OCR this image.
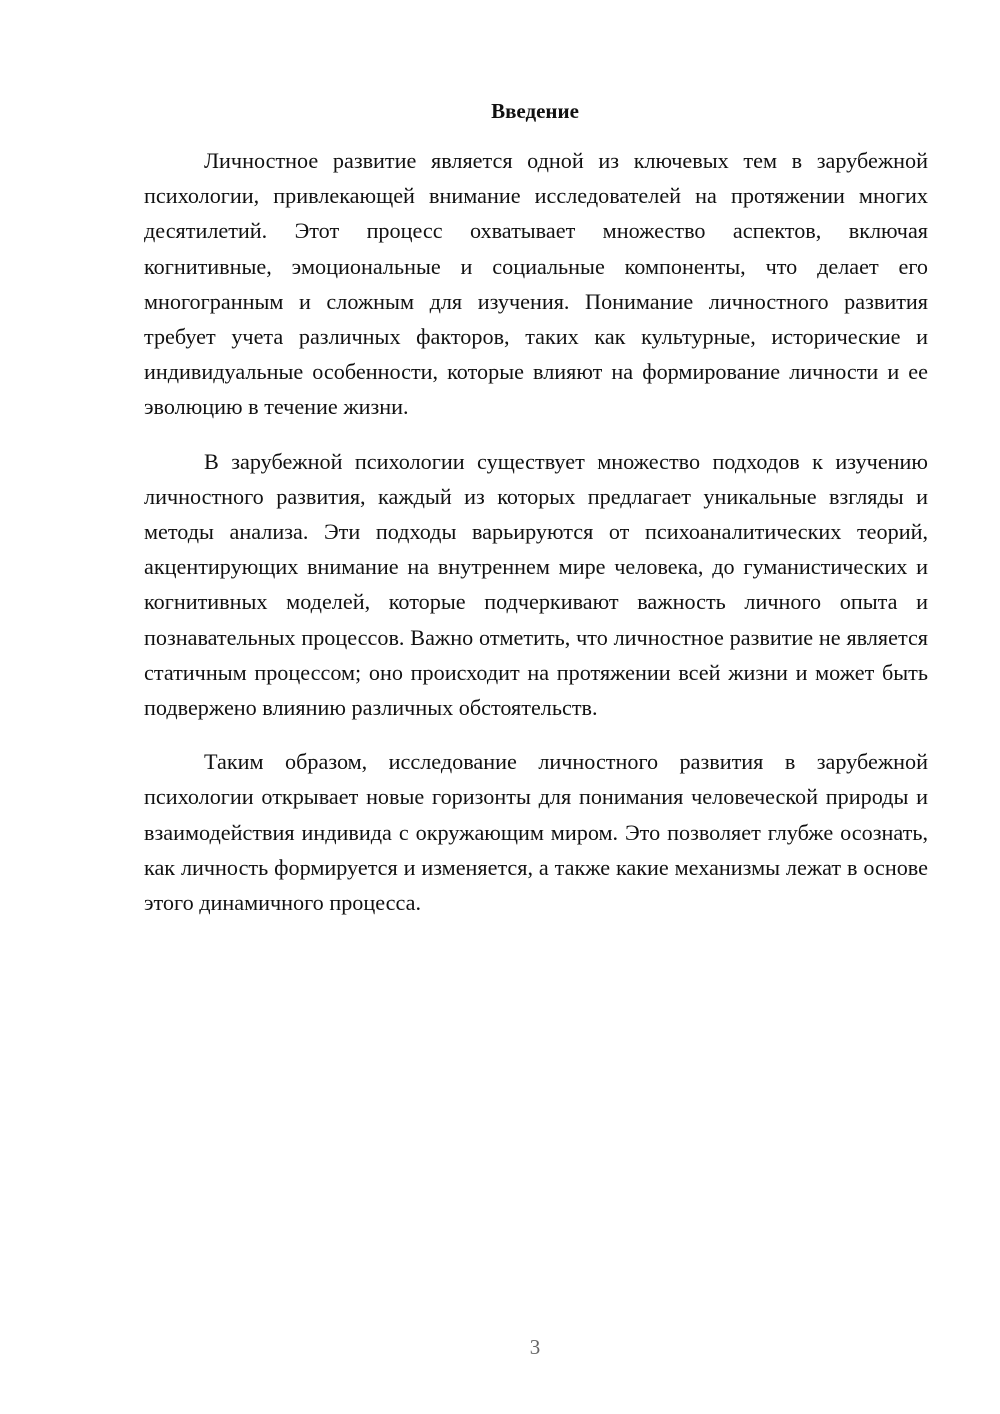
Введение

Личностное развитие является одной из ключевых тем в зарубежной психологии, привлекающей внимание исследователей на протяжении многих десятилетий. Этот процесс охватывает множество аспектов, включая когнитивные, эмоциональные и социальные компоненты, что делает его многогранным и сложным для изучения. Понимание личностного развития требует учета различных факторов, таких как культурные, исторические и индивидуальные особенности, которые влияют на формирование личности и ее эволюцию в течение жизни.

В зарубежной психологии существует множество подходов к изучению личностного развития, каждый из которых предлагает уникальные взгляды и методы анализа. Эти подходы варьируются от психоаналитических теорий, акцентирующих внимание на внутреннем мире человека, до гуманистических и когнитивных моделей, которые подчеркивают важность личного опыта и познавательных процессов. Важно отметить, что личностное развитие не является статичным процессом; оно происходит на протяжении всей жизни и может быть подвержено влиянию различных обстоятельств.

Таким образом, исследование личностного развития в зарубежной психологии открывает новые горизонты для понимания человеческой природы и взаимодействия индивида с окружающим миром. Это позволяет глубже осознать, как личность формируется и изменяется, а также какие механизмы лежат в основе этого динамичного процесса.

3
